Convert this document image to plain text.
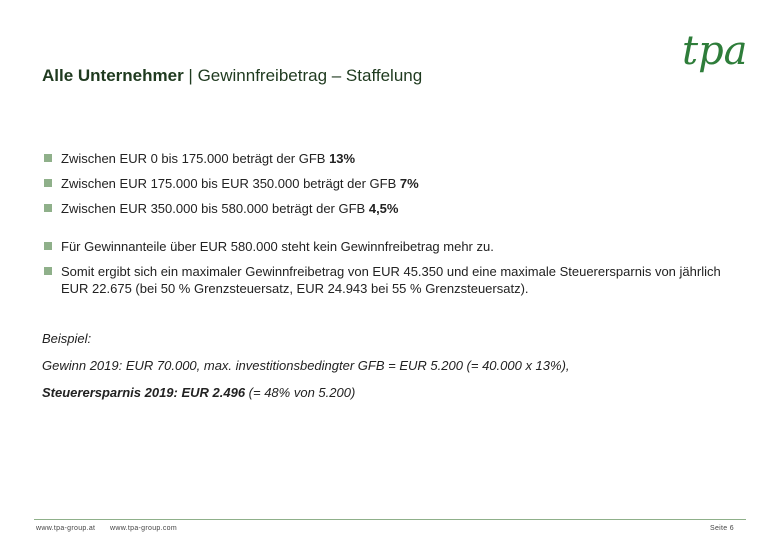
Alle Unternehmer | Gewinnfreibetrag – Staffelung
tpa
Zwischen EUR 0 bis 175.000 beträgt der GFB 13%
Zwischen EUR 175.000 bis EUR 350.000 beträgt der GFB 7%
Zwischen EUR 350.000 bis 580.000 beträgt der GFB 4,5%
Für Gewinnanteile über EUR 580.000 steht kein Gewinnfreibetrag mehr zu.
Somit ergibt sich ein maximaler Gewinnfreibetrag von EUR 45.350 und eine maximale Steuerersparnis von jährlich EUR 22.675 (bei 50 % Grenzsteuersatz, EUR 24.943 bei 55 % Grenzsteuersatz).
Beispiel:
Gewinn 2019: EUR 70.000, max. investitionsbedingter GFB = EUR 5.200 (= 40.000 x 13%),
Steuerersparnis 2019: EUR 2.496 (= 48% von 5.200)
www.tpa-group.at www.tpa-group.com	Seite 6
